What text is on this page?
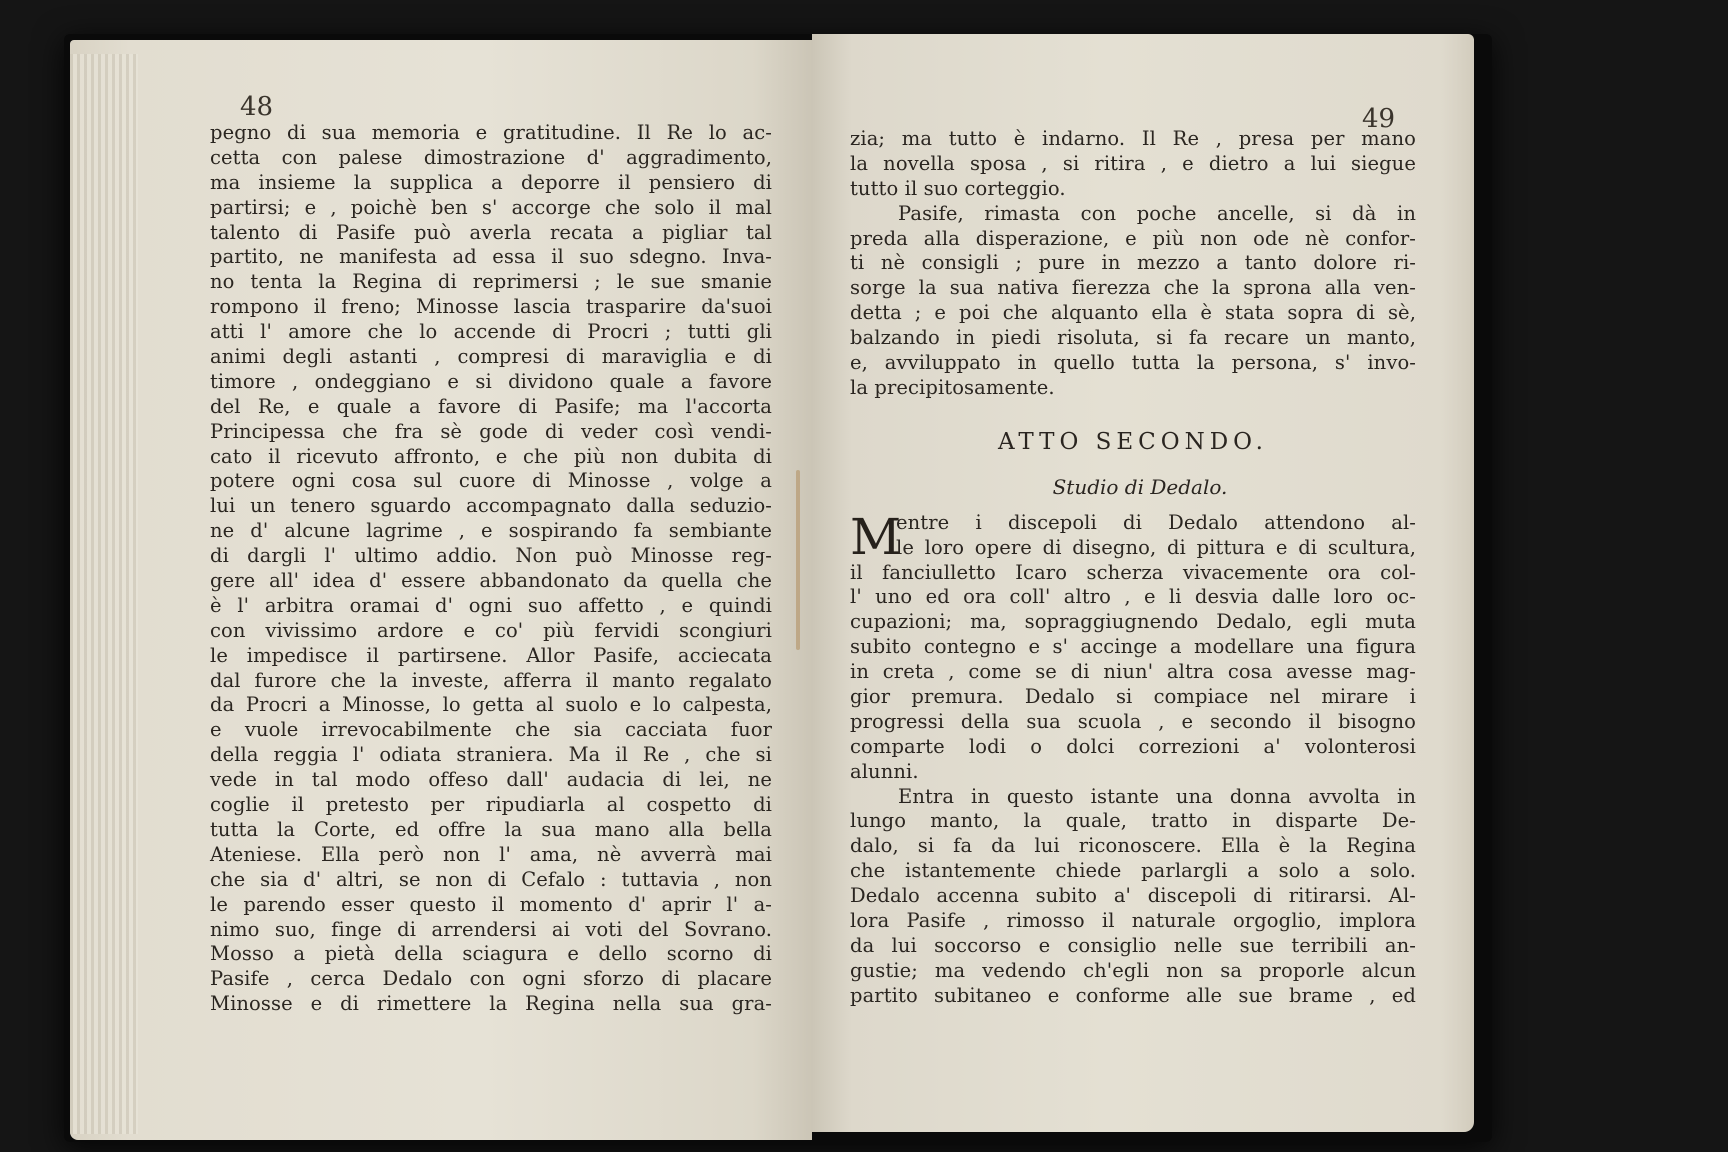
48
pegno di sua memoria e gratitudine. Il Re lo ac-
cetta con palese dimostrazione d' aggradimento,
ma insieme la supplica a deporre il pensiero di
partirsi; e , poichè ben s' accorge che solo il mal
talento di Pasife può averla recata a pigliar tal
partito, ne manifesta ad essa il suo sdegno. Inva-
no tenta la Regina di reprimersi ; le sue smanie
rompono il freno; Minosse lascia trasparire da'suoi
atti l' amore che lo accende di Procri ; tutti gli
animi degli astanti , compresi di maraviglia e di
timore , ondeggiano e si dividono quale a favore
del Re, e quale a favore di Pasife; ma l'accorta
Principessa che fra sè gode di veder così vendi-
cato il ricevuto affronto, e che più non dubita di
potere ogni cosa sul cuore di Minosse , volge a
lui un tenero sguardo accompagnato dalla seduzio-
ne d' alcune lagrime , e sospirando fa sembiante
di dargli l' ultimo addio. Non può Minosse reg-
gere all' idea d' essere abbandonato da quella che
è l' arbitra oramai d' ogni suo affetto , e quindi
con vivissimo ardore e co' più fervidi scongiuri
le impedisce il partirsene. Allor Pasife, acciecata
dal furore che la investe, afferra il manto regalato
da Procri a Minosse, lo getta al suolo e lo calpesta,
e vuole irrevocabilmente che sia cacciata fuor
della reggia l' odiata straniera. Ma il Re , che si
vede in tal modo offeso dall' audacia di lei, ne
coglie il pretesto per ripudiarla al cospetto di
tutta la Corte, ed offre la sua mano alla bella
Ateniese. Ella però non l' ama, nè avverrà mai
che sia d' altri, se non di Cefalo : tuttavia , non
le parendo esser questo il momento d' aprir l' a-
nimo suo, finge di arrendersi ai voti del Sovrano.
Mosso a pietà della sciagura e dello scorno di
Pasife , cerca Dedalo con ogni sforzo di placare
Minosse e di rimettere la Regina nella sua gra-
49
zia; ma tutto è indarno. Il Re , presa per mano
la novella sposa , si ritira , e dietro a lui siegue
tutto il suo corteggio.
Pasife, rimasta con poche ancelle, si dà in
preda alla disperazione, e più non ode nè confor-
ti nè consigli ; pure in mezzo a tanto dolore ri-
sorge la sua nativa fierezza che la sprona alla ven-
detta ; e poi che alquanto ella è stata sopra di sè,
balzando in piedi risoluta, si fa recare un manto,
e, avviluppato in quello tutta la persona, s' invo-
la precipitosamente.
ATTO SECONDO.
Studio di Dedalo.
M
entre i discepoli di Dedalo attendono al-
le loro opere di disegno, di pittura e di scultura,
il fanciulletto Icaro scherza vivacemente ora col-
l' uno ed ora coll' altro , e li desvia dalle loro oc-
cupazioni; ma, sopraggiugnendo Dedalo, egli muta
subito contegno e s' accinge a modellare una figura
in creta , come se di niun' altra cosa avesse mag-
gior premura. Dedalo si compiace nel mirare i
progressi della sua scuola , e secondo il bisogno
comparte lodi o dolci correzioni a' volonterosi
alunni.
Entra in questo istante una donna avvolta in
lungo manto, la quale, tratto in disparte De-
dalo, si fa da lui riconoscere. Ella è la Regina
che istantemente chiede parlargli a solo a solo.
Dedalo accenna subito a' discepoli di ritirarsi. Al-
lora Pasife , rimosso il naturale orgoglio, implora
da lui soccorso e consiglio nelle sue terribili an-
gustie; ma vedendo ch'egli non sa proporle alcun
partito subitaneo e conforme alle sue brame , ed
